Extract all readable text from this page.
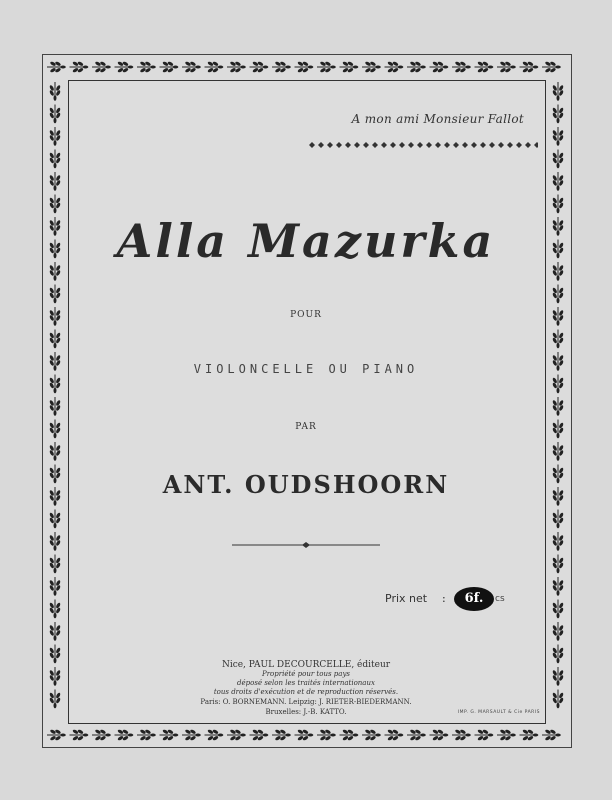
A mon ami Monsieur Fallot
Alla Mazurka
POUR
VIOLONCELLE OU PIANO
PAR
ANT. OUDSHOORN
Prix net :	6f.	cs
Nice, PAUL DECOURCELLE, éditeur
Propriété pour tous pays
déposé selon les traités internationaux
tous droits d'exécution et de reproduction réservés.
Paris: O. BORNEMANN. Leipzig: J. RIETER-BIEDERMANN.
Bruxelles: J.-B. KATTO.	IMP. G. MARSAULT & Cie PARIS
